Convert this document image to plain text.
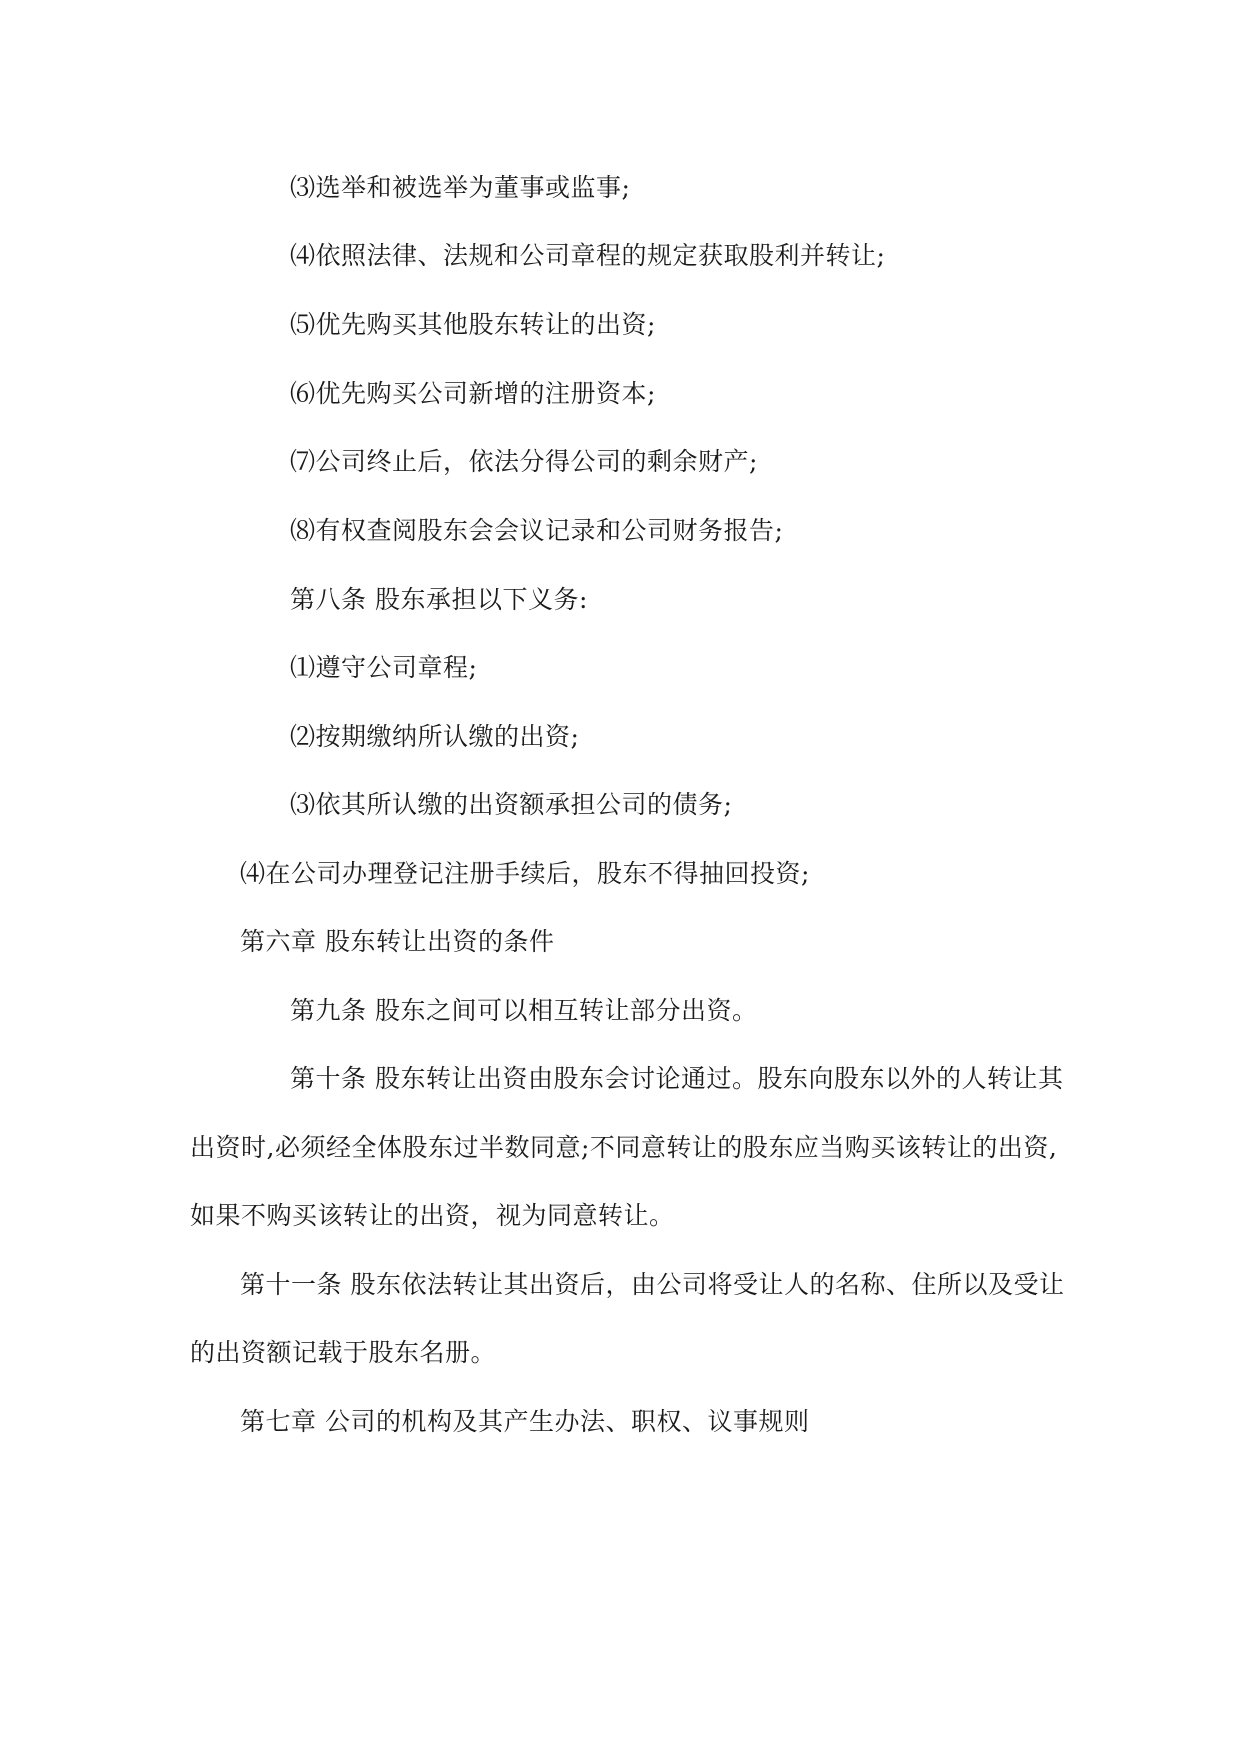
⑶选举和被选举为董事或监事;
⑷依照法律、法规和公司章程的规定获取股利并转让;
⑸优先购买其他股东转让的出资;
⑹优先购买公司新增的注册资本;
⑺公司终止后，依法分得公司的剩余财产;
⑻有权查阅股东会会议记录和公司财务报告;
第八条 股东承担以下义务:
⑴遵守公司章程;
⑵按期缴纳所认缴的出资;
⑶依其所认缴的出资额承担公司的债务;
⑷在公司办理登记注册手续后，股东不得抽回投资;
第六章 股东转让出资的条件
第九条 股东之间可以相互转让部分出资。
第十条 股东转让出资由股东会讨论通过。股东向股东以外的人转让其
出资时,必须经全体股东过半数同意;不同意转让的股东应当购买该转让的出资,
如果不购买该转让的出资，视为同意转让。
第十一条 股东依法转让其出资后，由公司将受让人的名称、住所以及受让
的出资额记载于股东名册。
第七章 公司的机构及其产生办法、职权、议事规则
